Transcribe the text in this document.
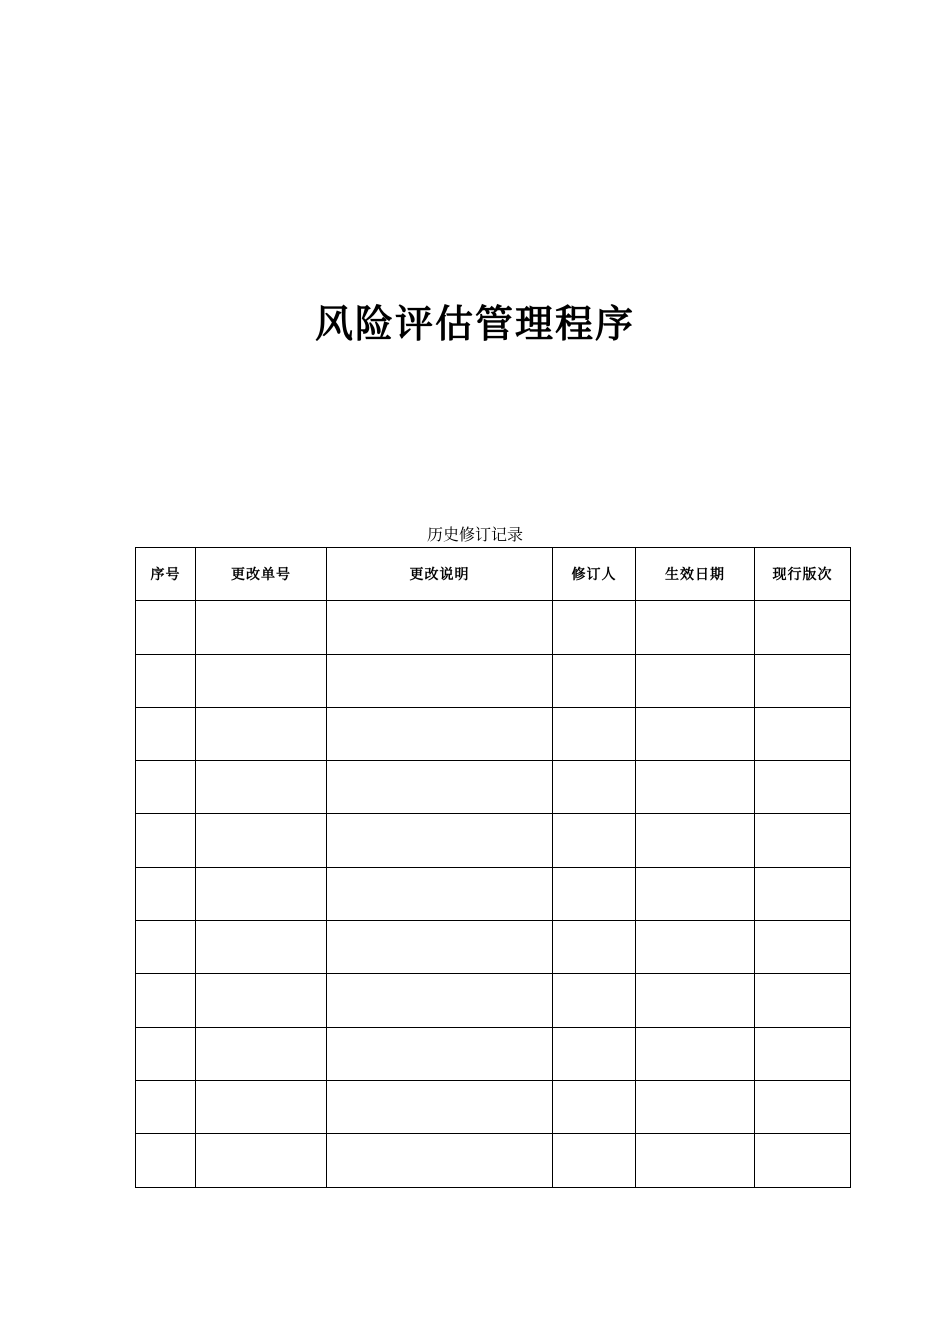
风险评估管理程序
历史修订记录
序号	更改单号	更改说明	修订人	生效日期	现行版次
